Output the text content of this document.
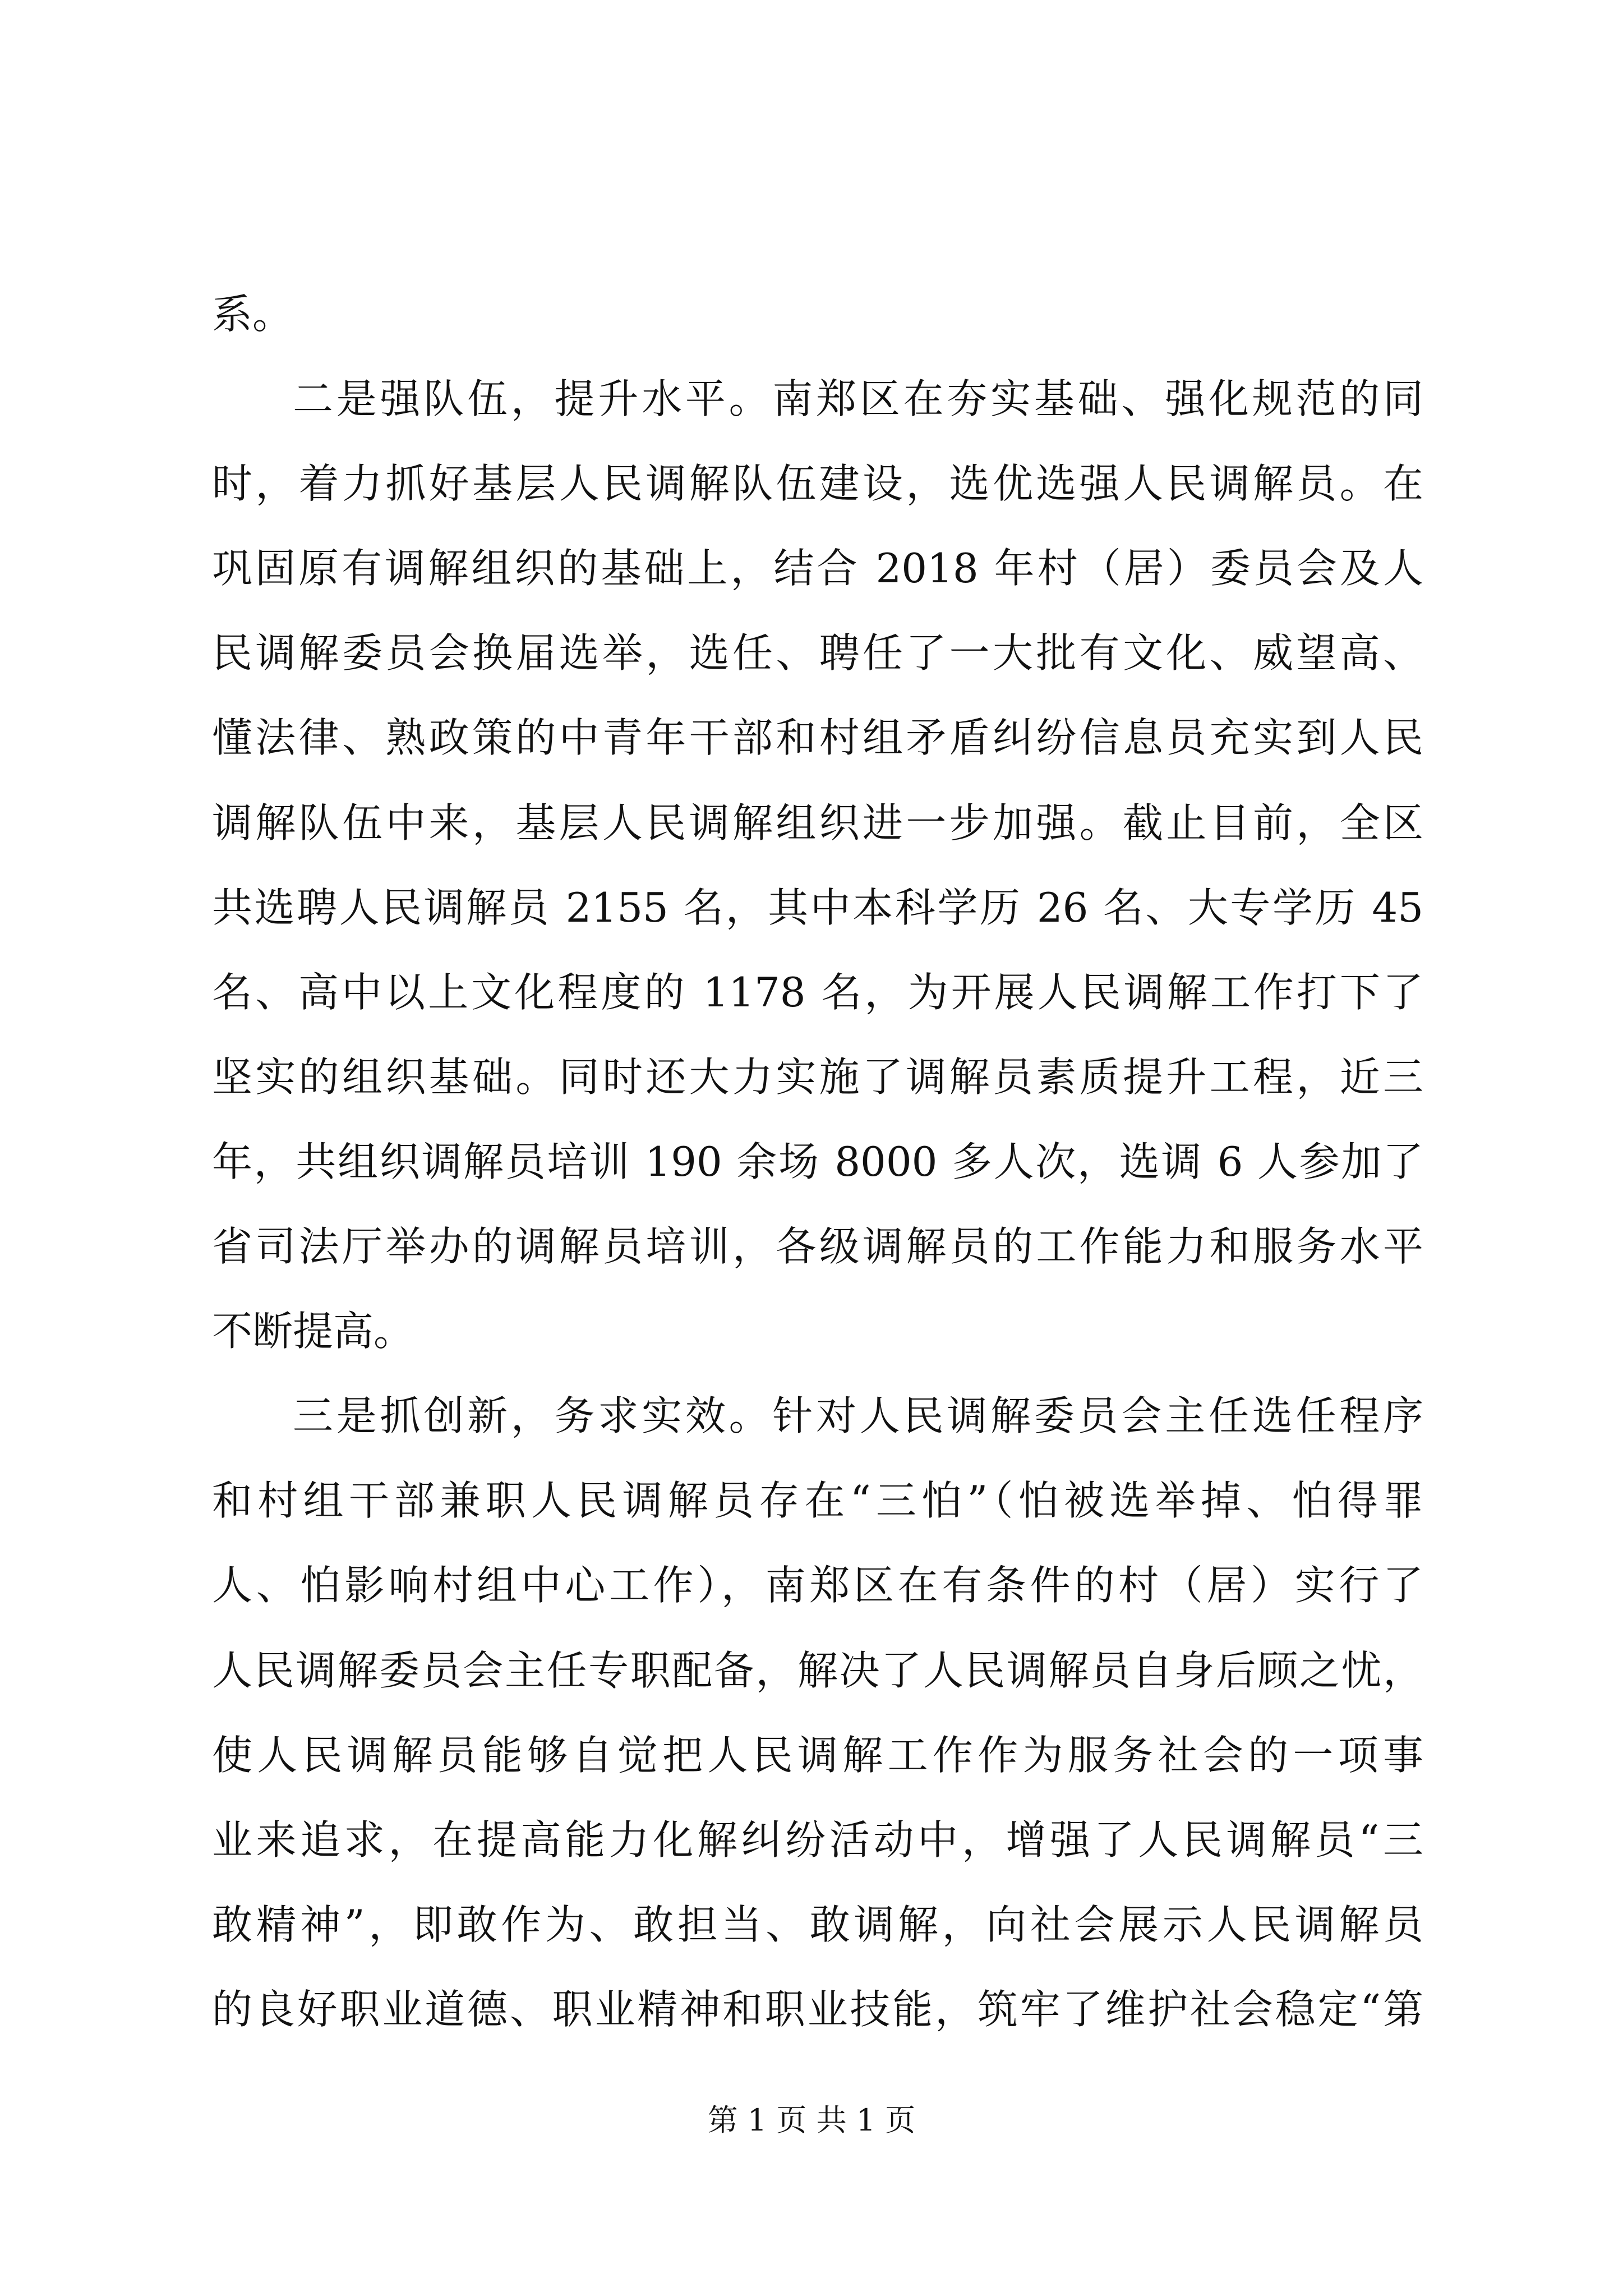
系。
二是强队伍，提升水平。南郑区在夯实基础、强化规范的同
时，着力抓好基层人民调解队伍建设，选优选强人民调解员。在
巩固原有调解组织的基础上，结合 2018 年村（居）委员会及人
民调解委员会换届选举，选任、聘任了一大批有文化、威望高、
懂法律、熟政策的中青年干部和村组矛盾纠纷信息员充实到人民
调解队伍中来，基层人民调解组织进一步加强。截止目前，全区
共选聘人民调解员 2155 名，其中本科学历 26 名、大专学历 45
名、高中以上文化程度的 1178 名，为开展人民调解工作打下了
坚实的组织基础。同时还大力实施了调解员素质提升工程，近三
年，共组织调解员培训 190 余场 8000 多人次，选调 6 人参加了
省司法厅举办的调解员培训，各级调解员的工作能力和服务水平
不断提高。
三是抓创新，务求实效。针对人民调解委员会主任选任程序
和村组干部兼职人民调解员存在“三怕”（怕被选举掉、怕得罪
人、怕影响村组中心工作），南郑区在有条件的村（居）实行了
人民调解委员会主任专职配备，解决了人民调解员自身后顾之忧，
使人民调解员能够自觉把人民调解工作作为服务社会的一项事
业来追求，在提高能力化解纠纷活动中，增强了人民调解员“三
敢精神”，即敢作为、敢担当、敢调解，向社会展示人民调解员
的良好职业道德、职业精神和职业技能，筑牢了维护社会稳定“第
第 1 页 共 1 页
